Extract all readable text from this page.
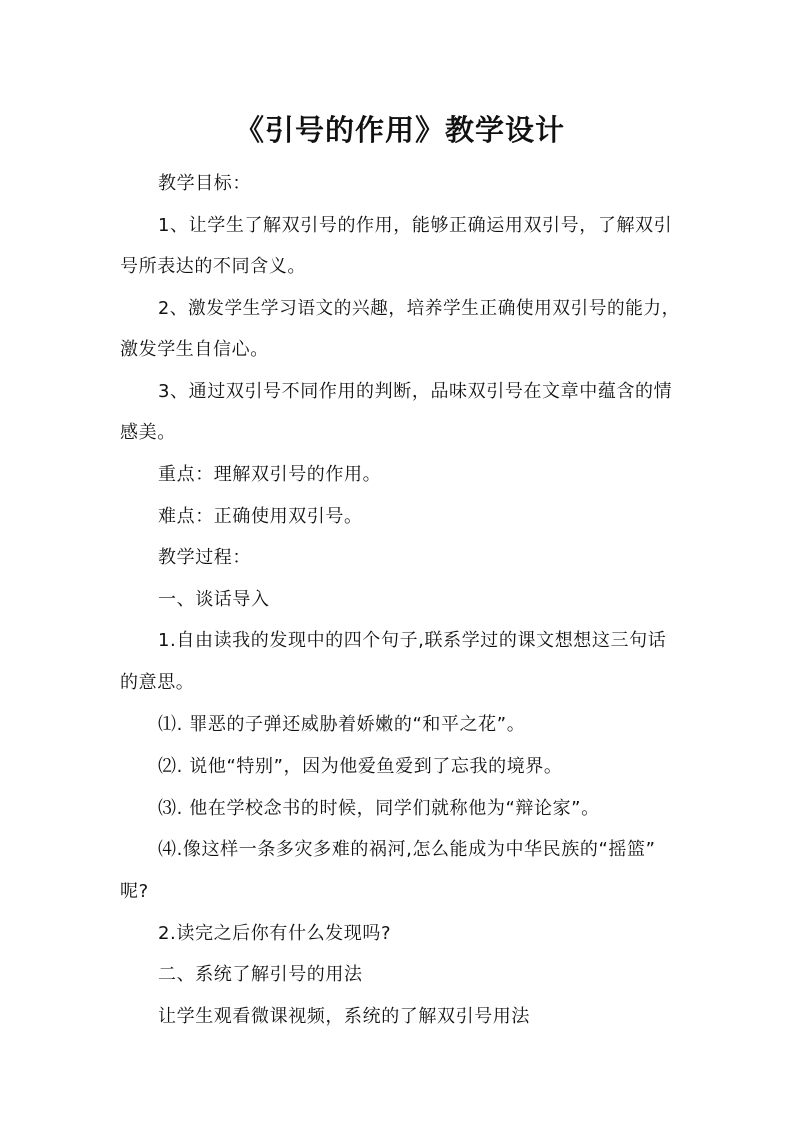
《引号的作用》教学设计
教学目标：
1、让学生了解双引号的作用，能够正确运用双引号，了解双引
号所表达的不同含义。
2、激发学生学习语文的兴趣，培养学生正确使用双引号的能力，
激发学生自信心。
3、通过双引号不同作用的判断，品味双引号在文章中蕴含的情
感美。
重点：理解双引号的作用。
难点：正确使用双引号。
教学过程：
一、谈话导入
1.自由读我的发现中的四个句子,联系学过的课文想想这三句话
的意思。
⑴. 罪恶的子弹还威胁着娇嫩的“和平之花”。
⑵. 说他“特别”，因为他爱鱼爱到了忘我的境界。
⑶. 他在学校念书的时候，同学们就称他为“辩论家”。
⑷.像这样一条多灾多难的祸河,怎么能成为中华民族的“摇篮”
呢?
2.读完之后你有什么发现吗?
二、系统了解引号的用法
让学生观看微课视频，系统的了解双引号用法
